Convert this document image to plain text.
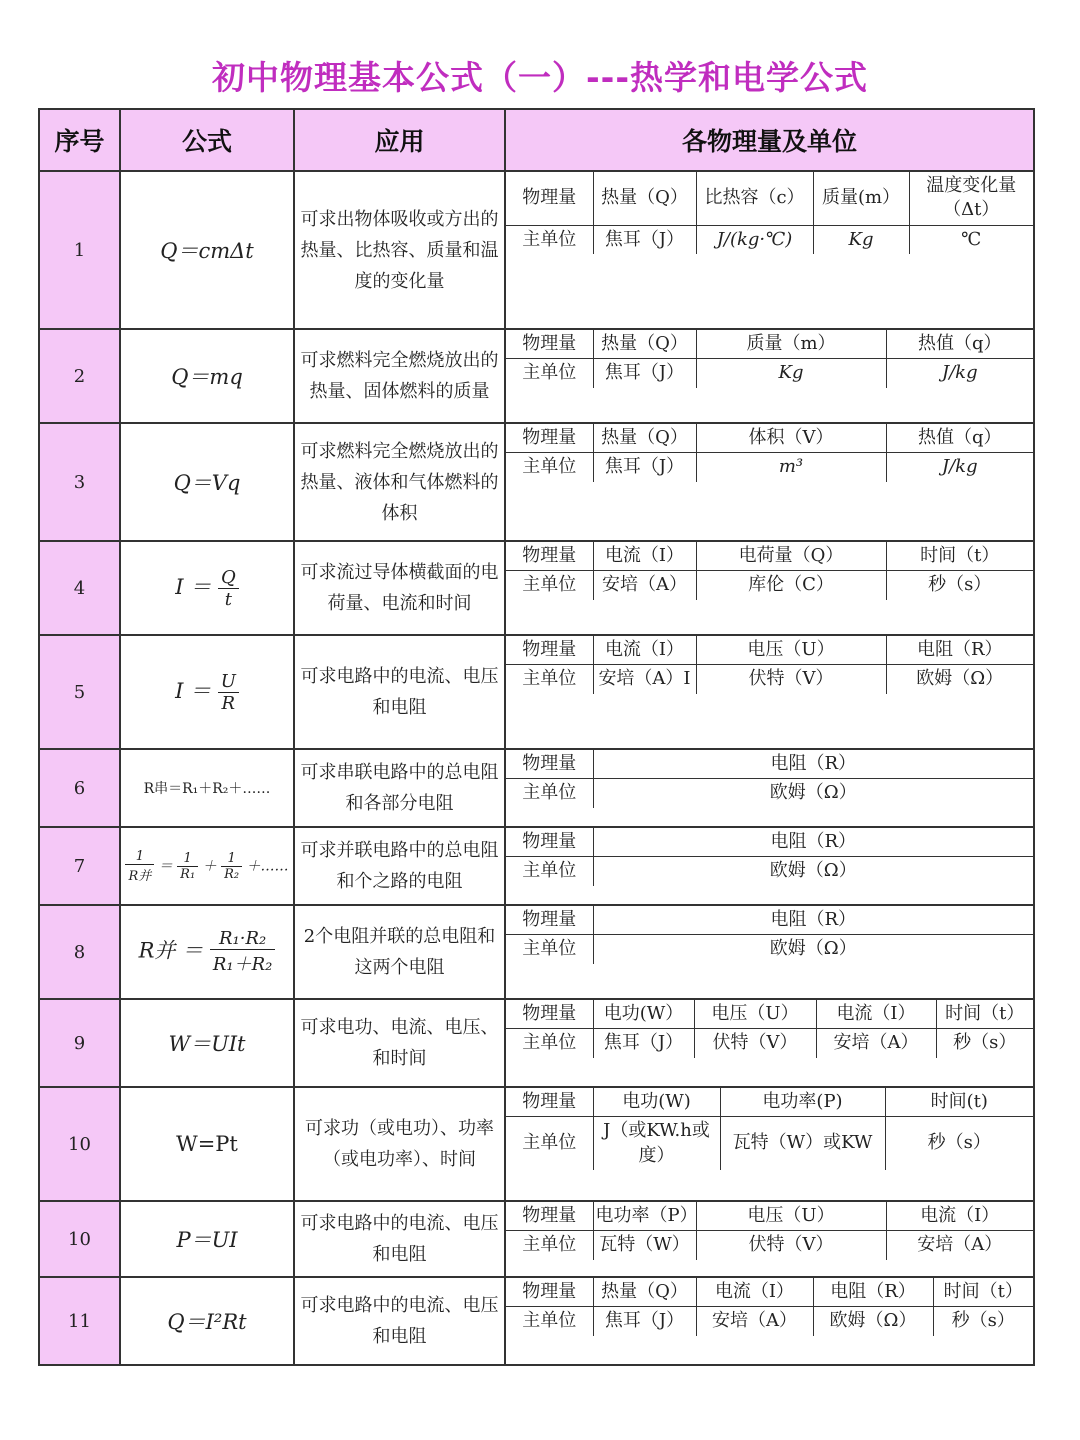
初中物理基本公式（一）---热学和电学公式
序号	公式	应用	各物理量及单位
1	Q＝cmΔt	可求出物体吸收或方出的热量、比热容、质量和温度的变化量	
物理量	热量（Q）	比热容（c）	质量(m）	温度变化量（Δt）
主单位	焦耳（J）	J/(kg·℃)	Kg	℃

2	Q＝mq	可求燃料完全燃烧放出的热量、固体燃料的质量	
物理量	热量（Q）	质量（m）	热值（q）
主单位	焦耳（J）	Kg	J/kg

3	Q＝Vq	可求燃料完全燃烧放出的热量、液体和气体燃料的体积	
物理量	热量（Q）	体积（V）	热值（q）
主单位	焦耳（J）	m³	J/kg

4	$I = \frac{Q}{t}$	可求流过导体横截面的电荷量、电流和时间	
物理量	电流（I）	电荷量（Q）	时间（t）
主单位	安培（A）	库伦（C）	秒（s）

5	$I = \frac{U}{R}$	可求电路中的电流、电压和电阻	
物理量	电流（I）	电压（U）	电阻（R）
主单位	安培（A）I	伏特（V）	欧姆（Ω）

6	R串＝R₁＋R₂＋……	可求串联电路中的总电阻和各部分电阻	
物理量	电阻（R）
主单位	欧姆（Ω）

7	$\frac{1}{\text{R并}} = \frac{1}{\text{R₁}} + \frac{1}{\text{R₂}}$ ＋……	可求并联电路中的总电阻和个之路的电阻	
物理量	电阻（R）
主单位	欧姆（Ω）

8	R并 ＝ $\frac{\text{R₁·R₂}}{\text{R₁＋R₂}}$	2个电阻并联的总电阻和这两个电阻	
物理量	电阻（R）
主单位	欧姆（Ω）

9	W＝UIt	可求电功、电流、电压、和时间	
物理量	电功(W）	电压（U）	电流（I）	时间（t）
主单位	焦耳（J）	伏特（V）	安培（A）	秒（s）

10	W=Pt	可求功（或电功）、功率（或电功率）、时间	
物理量	电功(W)	电功率(P)	时间(t)
主单位	J（或KW.h或度）	瓦特（W）或KW	秒（s）

10	P＝UI	可求电路中的电流、电压和电阻	
物理量	电功率（P）	电压（U）	电流（I）
主单位	瓦特（W）	伏特（V）	安培（A）

11	Q＝I²Rt	可求电路中的电流、电压和电阻	
物理量	热量（Q）	电流（I）	电阻（R）	时间（t）
主单位	焦耳（J）	安培（A）	欧姆（Ω）	秒（s）
